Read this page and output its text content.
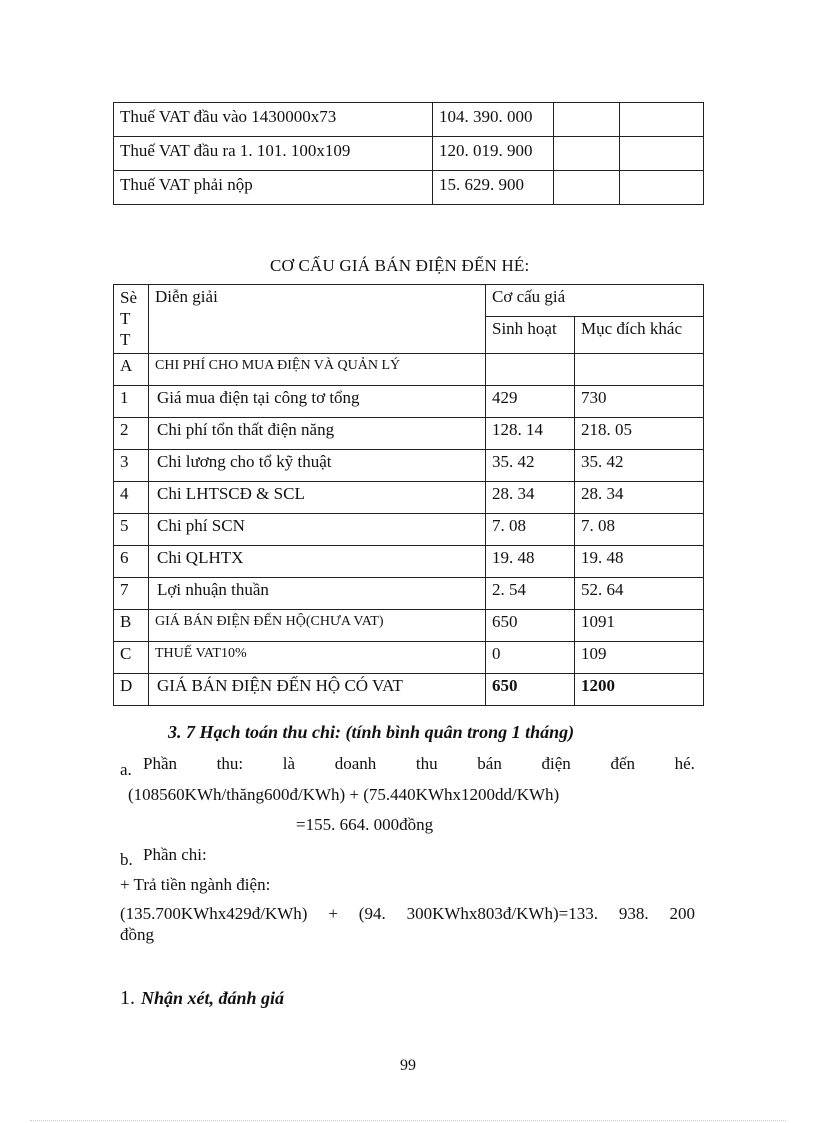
Thuế VAT đầu vào 1430000x73	104. 390. 000		
Thuế VAT đầu ra 1. 101. 100x109	120. 019. 900		
Thuế VAT phải nộp	15. 629. 900		
CƠ CẤU GIÁ BÁN ĐIỆN ĐẾN HÉ:
Sè
T
T	Diễn giải	Cơ cấu giá	
		Sinh hoạt	Mục đích khác
A	CHI PHÍ CHO MUA ĐIỆN VÀ QUẢN LÝ		
1	Giá mua điện tại công tơ tổng	429	730
2	Chi phí tổn thất điện năng	128. 14	218. 05
3	Chi lương cho tổ kỹ thuật	35. 42	35. 42
4	Chi LHTSCĐ & SCL	28. 34	28. 34
5	Chi phí SCN	7. 08	7. 08
6	Chi QLHTX	19. 48	19. 48
7	Lợi nhuận thuần	2. 54	52. 64
B	GIÁ BÁN ĐIỆN ĐẾN HỘ(CHƯA VAT)	650	1091
C	THUẾ VAT10%	0	109
D	GIÁ BÁN ĐIỆN ĐẾN HỘ CÓ VAT	650	1200
3. 7 Hạch toán thu chi: (tính bình quân trong 1 tháng)
a. Phần thu: là doanh thu bán điện đến hé.
(108560KWh/thăng600đ/KWh) + (75.440KWhx1200dd/KWh)
=155. 664. 000đồng
b. Phần chi:
+ Trả tiền ngành điện:
(135.700KWhx429đ/KWh) + (94. 300KWhx803đ/KWh)=133. 938. 200
đồng
1. Nhận xét, đánh giá
99
